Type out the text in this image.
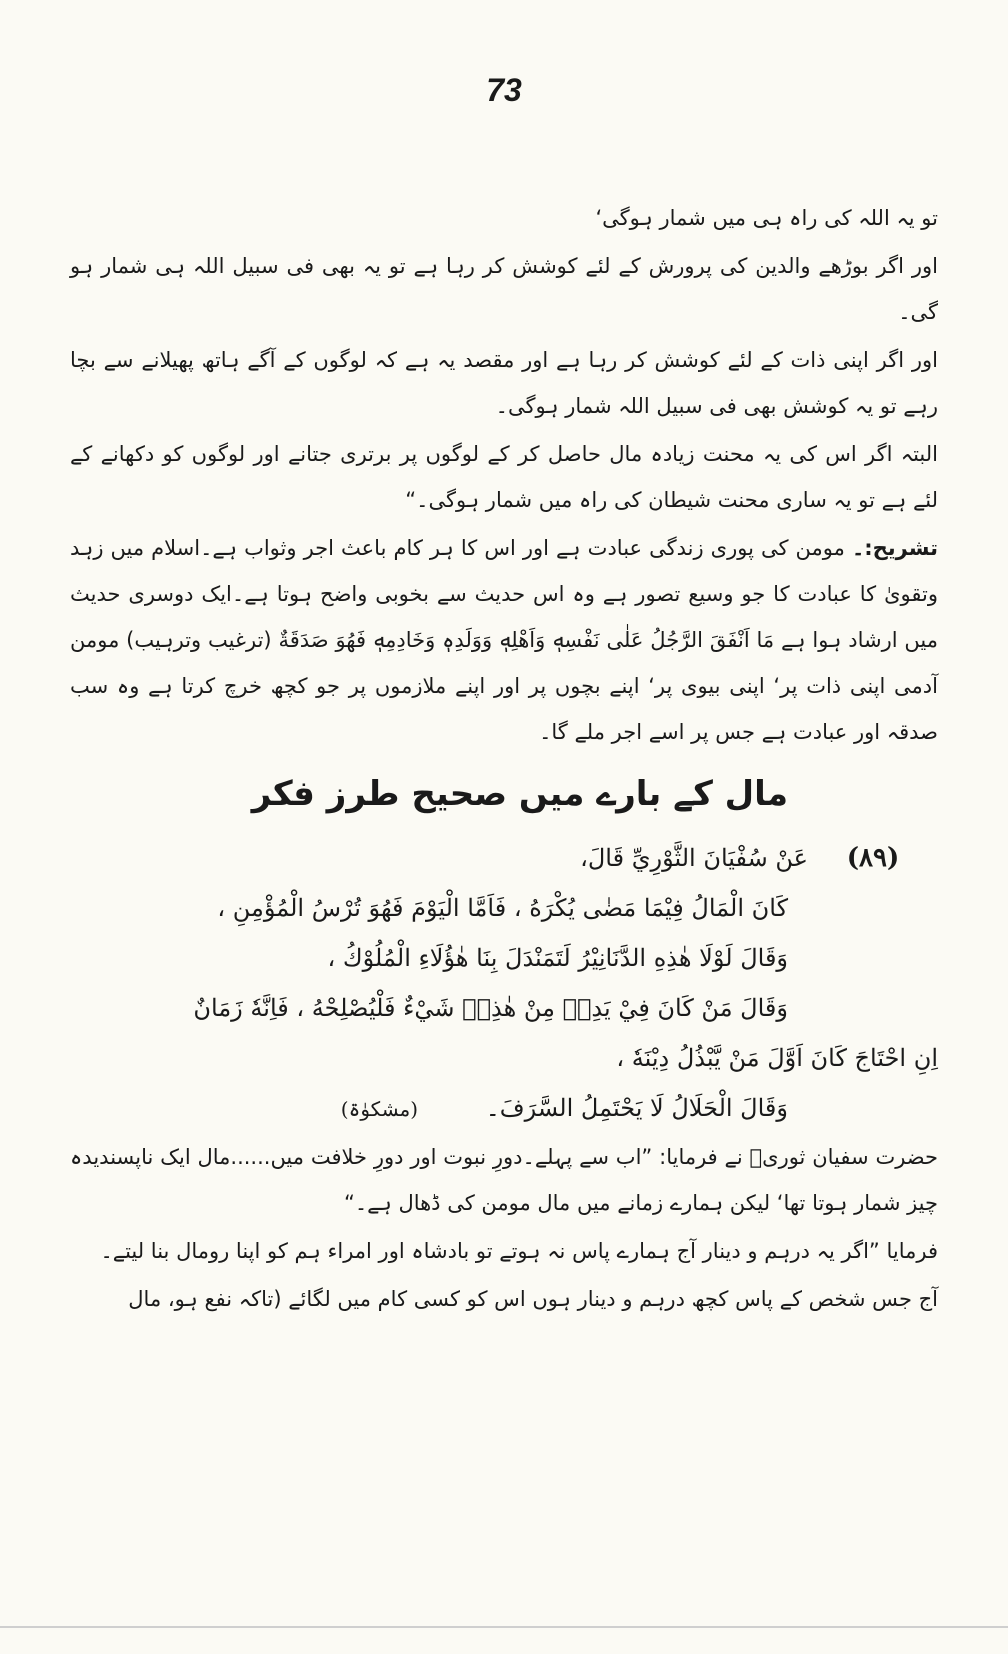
73

تو یہ اللہ کی راہ ہی میں شمار ہوگی‘

اور اگر بوڑھے والدین کی پرورش کے لئے کوشش کر رہا ہے تو یہ بھی فی سبیل اللہ ہی شمار ہو گی۔

اور اگر اپنی ذات کے لئے کوشش کر رہا ہے اور مقصد یہ ہے کہ لوگوں کے آگے ہاتھ پھیلانے سے بچا رہے تو یہ کوشش بھی فی سبیل اللہ شمار ہوگی۔

البتہ اگر اس کی یہ محنت زیادہ مال حاصل کر کے لوگوں پر برتری جتانے اور لوگوں کو دکھانے کے لئے ہے تو یہ ساری محنت شیطان کی راہ میں شمار ہوگی۔“

تشریح:۔ مومن کی پوری زندگی عبادت ہے اور اس کا ہر کام باعث اجر وثواب ہے۔اسلام میں زہد وتقویٰ کا عبادت کا جو وسیع تصور ہے وہ اس حدیث سے بخوبی واضح ہوتا ہے۔ایک دوسری حدیث میں ارشاد ہوا ہے مَا اَنْفَقَ الرَّجُلُ عَلٰى نَفْسِهٖ وَاَهْلِهٖ وَوَلَدِهٖ وَخَادِمِهٖ فَهُوَ صَدَقَةٌ (ترغیب وترہیب) مومن آدمی اپنی ذات پر‘ اپنی بیوی پر‘ اپنے بچوں پر اور اپنے ملازموں پر جو کچھ خرچ کرتا ہے وہ سب صدقہ اور عبادت ہے جس پر اسے اجر ملے گا۔

مال کے بارے میں صحیح طرز فکر
(۸۹)
عَنْ سُفْيَانَ الثَّوْرِيِّ قَالَ،
كَانَ الْمَالُ فِيْمَا مَضٰى يُكْرَهُ ، فَاَمَّا الْيَوْمَ فَهُوَ تُرْسُ الْمُؤْمِنِ ،
وَقَالَ لَوْلَا هٰذِهِ الدَّنَانِيْرُ لَتَمَنْدَلَ بِنَا هٰؤُلَاءِ الْمُلُوْكُ ،
وَقَالَ مَنْ كَانَ فِيْ يَدِهٖ مِنْ هٰذِهٖ شَيْءٌ فَلْيُصْلِحْهُ ، فَاِنَّهٗ زَمَانٌ
اِنِ احْتَاجَ كَانَ اَوَّلَ مَنْ يَّبْذُلُ دِيْنَهٗ ،
وَقَالَ الْحَلَالُ لَا يَحْتَمِلُ السَّرَفَ۔ (مشکوٰۃ)

حضرت سفیان ثوریؒ نے فرمایا: ”اب سے پہلے۔دورِ نبوت اور دورِ خلافت میں......مال ایک ناپسندیدہ چیز شمار ہوتا تھا‘ لیکن ہمارے زمانے میں مال مومن کی ڈھال ہے۔“

فرمایا ”اگر یہ درہم و دینار آج ہمارے پاس نہ ہوتے تو بادشاہ اور امراء ہم کو اپنا رومال بنا لیتے۔

آج جس شخص کے پاس کچھ درہم و دینار ہوں اس کو کسی کام میں لگائے (تاکہ نفع ہو، مال
